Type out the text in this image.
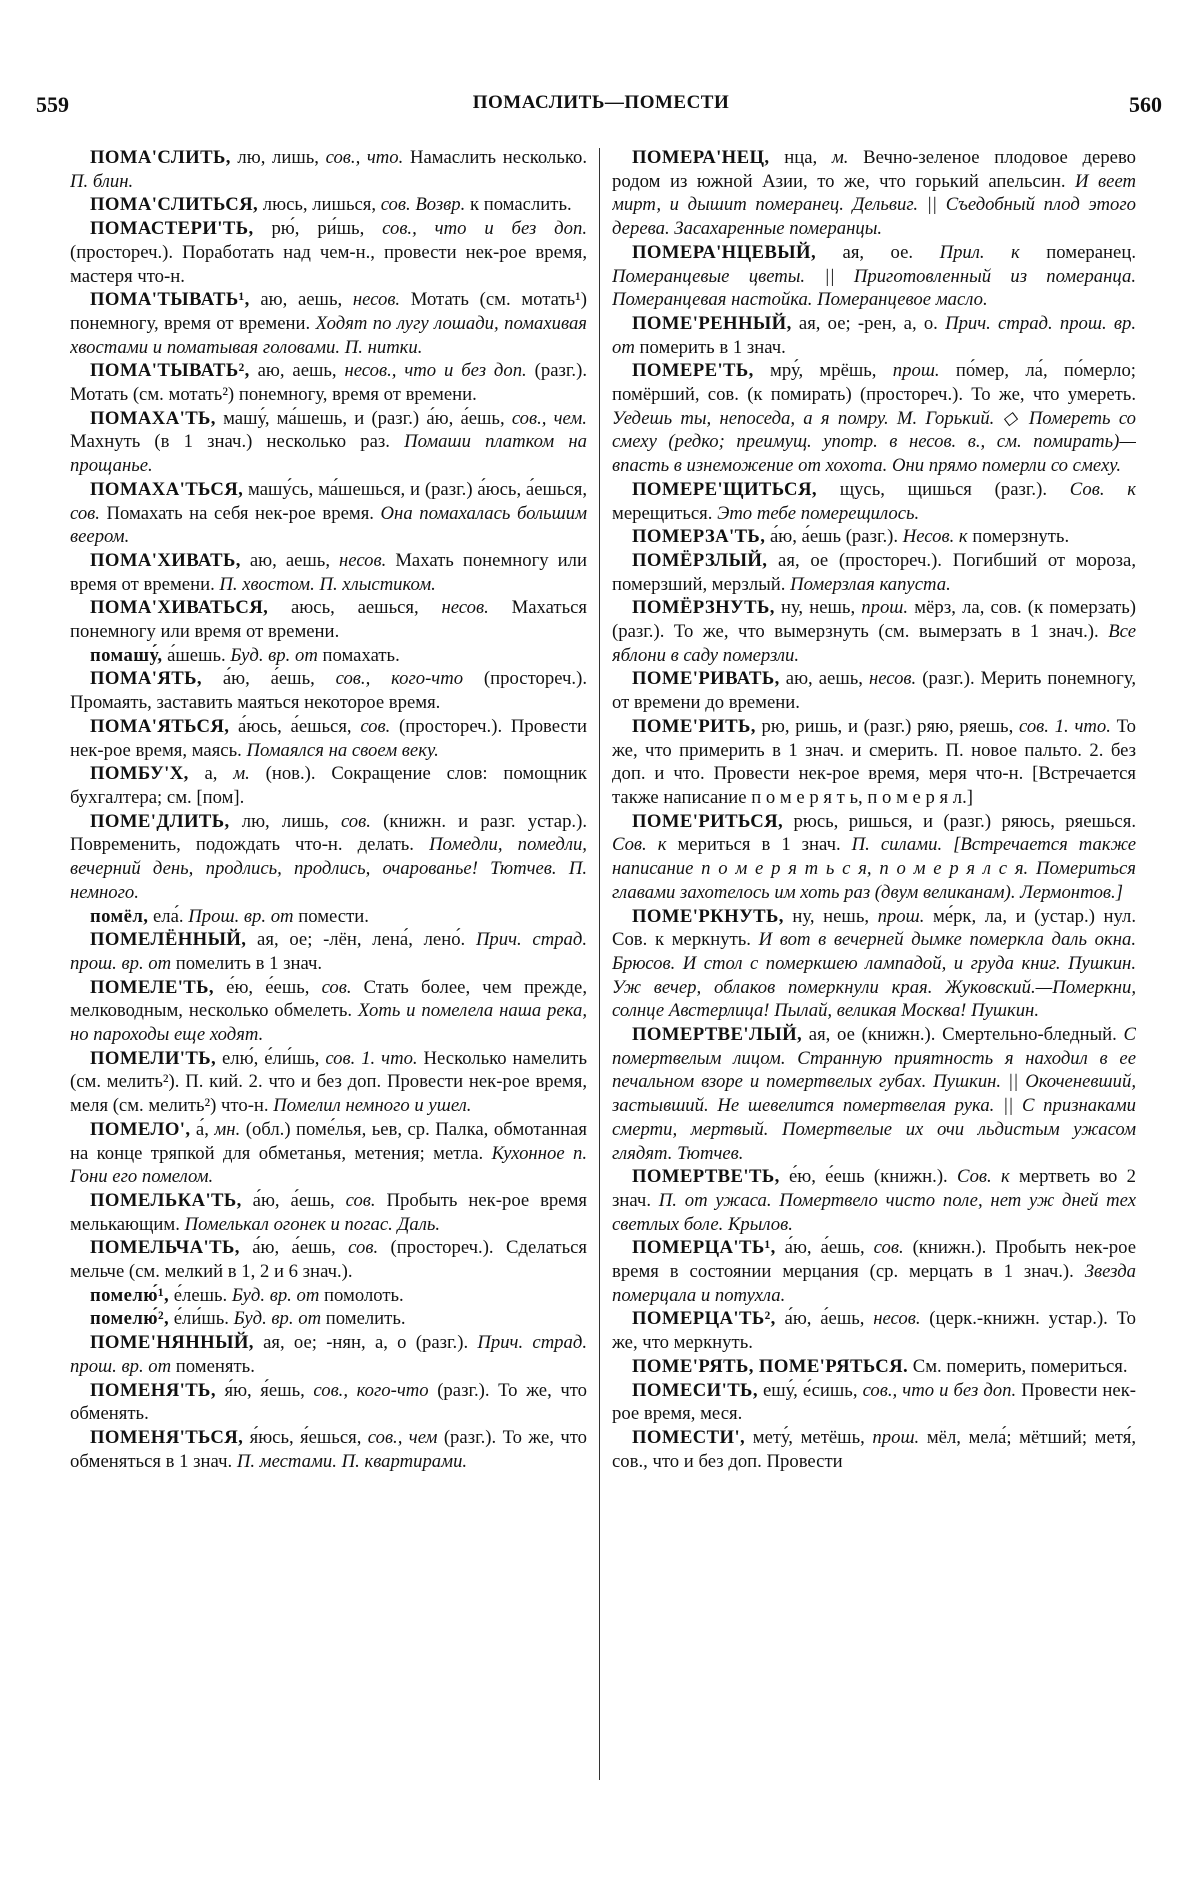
559	ПОМАСЛИТЬ—ПОМЕСТИ	560

ПОМА'СЛИТЬ, лю, лишь, сов., что. Намаслить несколько. П. блин.

ПОМА'СЛИТЬСЯ, люсь, лишься, сов. Возвр. к помаслить.

ПОМАСТЕРИ'ТЬ, рю́, ри́шь, сов., что и без доп. (простореч.). Поработать над чем-н., провести нек-рое время, мастеря что-н.

ПОМА'ТЫВАТЬ¹, аю, аешь, несов. Мотать (см. мотать¹) понемногу, время от времени. Ходят по лугу лошади, помахивая хвостами и поматывая головами. П. нитки.

ПОМА'ТЫВАТЬ², аю, аешь, несов., что и без доп. (разг.). Мотать (см. мотать²) понемногу, время от времени.

ПОМАХА'ТЬ, машу́, ма́шешь, и (разг.) а́ю, а́ешь, сов., чем. Махнуть (в 1 знач.) несколько раз. Помаши платком на прощанье.

ПОМАХА'ТЬСЯ, машу́сь, ма́шешься, и (разг.) а́юсь, а́ешься, сов. Помахать на себя нек-рое время. Она помахалась большим веером.

ПОМА'ХИВАТЬ, аю, аешь, несов. Махать понемногу или время от времени. П. хвостом. П. хлыстиком.

ПОМА'ХИВАТЬСЯ, аюсь, аешься, несов. Махаться понемногу или время от времени.

помашу́, а́шешь. Буд. вр. от помахать.

ПОМА'ЯТЬ, а́ю, а́ешь, сов., кого-что (простореч.). Промаять, заставить маяться некоторое время.

ПОМА'ЯТЬСЯ, а́юсь, а́ешься, сов. (простореч.). Провести нек-рое время, маясь. Помаялся на своем веку.

ПОМБУ'Х, а, м. (нов.). Сокращение слов: помощник бухгалтера; см. [пом].

ПОМЕ'ДЛИТЬ, лю, лишь, сов. (книжн. и разг. устар.). Повременить, подождать что-н. делать. Помедли, помедли, вечерний день, продлись, продлись, очарованье! Тютчев. П. немного.

помёл, ела́. Прош. вр. от помести.

ПОМЕЛЁННЫЙ, ая, ое; -лён, лена́, лено́. Прич. страд. прош. вр. от помелить в 1 знач.

ПОМЕЛЕ'ТЬ, е́ю, е́ешь, сов. Стать более, чем прежде, мелководным, несколько обмелеть. Хоть и помелела наша река, но пароходы еще ходят.

ПОМЕЛИ'ТЬ, елю́, е́ли́шь, сов. 1. что. Несколько намелить (см. мелить²). П. кий. 2. что и без доп. Провести нек-рое время, меля (см. мелить²) что-н. Помелил немного и ушел.

ПОМЕЛО', а́, мн. (обл.) поме́лья, ьев, ср. Палка, обмотанная на конце тряпкой для обметанья, метения; метла. Кухонное п. Гони его помелом.

ПОМЕЛЬКА'ТЬ, а́ю, а́ешь, сов. Пробыть нек-рое время мелькающим. Помелькал огонек и погас. Даль.

ПОМЕЛЬЧА'ТЬ, а́ю, а́ешь, сов. (простореч.). Сделаться мельче (см. мелкий в 1, 2 и 6 знач.).

помелю́¹, е́лешь. Буд. вр. от помолоть.

помелю́², е́ли́шь. Буд. вр. от помелить.

ПОМЕ'НЯННЫЙ, ая, ое; -нян, а, о (разг.). Прич. страд. прош. вр. от поменять.

ПОМЕНЯ'ТЬ, я́ю, я́ешь, сов., кого-что (разг.). То же, что обменять.

ПОМЕНЯ'ТЬСЯ, я́юсь, я́ешься, сов., чем (разг.). То же, что обменяться в 1 знач. П. местами. П. квартирами.

ПОМЕРА'НЕЦ, нца, м. Вечно-зеленое плодовое дерево родом из южной Азии, то же, что горький апельсин. И веет мирт, и дышит померанец. Дельвиг. || Съедобный плод этого дерева. Засахаренные померанцы.

ПОМЕРА'НЦЕВЫЙ, ая, ое. Прил. к померанец. Померанцевые цветы. || Приготовленный из померанца. Померанцевая настойка. Померанцевое масло.

ПОМЕ'РЕННЫЙ, ая, ое; -рен, а, о. Прич. страд. прош. вр. от померить в 1 знач.

ПОМЕРЕ'ТЬ, мру́, мрёшь, прош. по́мер, ла́, по́мерло; помёрший, сов. (к помирать) (простореч.). То же, что умереть. Уедешь ты, непоседа, а я помру. М. Горький. ◇ Помереть со смеху (редко; преимущ. употр. в несов. в., см. помирать)—впасть в изнеможение от хохота. Они прямо померли со смеху.

ПОМЕРЕ'ЩИТЬСЯ, щусь, щишься (разг.). Сов. к мерещиться. Это тебе померещилось.

ПОМЕРЗА'ТЬ, а́ю, а́ешь (разг.). Несов. к померзнуть.

ПОМЁРЗЛЫЙ, ая, ое (простореч.). Погибший от мороза, померзший, мерзлый. Померзлая капуста.

ПОМЁРЗНУТЬ, ну, нешь, прош. мёрз, ла, сов. (к померзать) (разг.). То же, что вымерзнуть (см. вымерзать в 1 знач.). Все яблони в саду померзли.

ПОМЕ'РИВАТЬ, аю, аешь, несов. (разг.). Мерить понемногу, от времени до времени.

ПОМЕ'РИТЬ, рю, ришь, и (разг.) ряю, ряешь, сов. 1. что. То же, что примерить в 1 знач. и смерить. П. новое пальто. 2. без доп. и что. Провести нек-рое время, меря что-н. [Встречается также написание п о м е р я т ь, п о м е р я л.]

ПОМЕ'РИТЬСЯ, рюсь, ришься, и (разг.) ряюсь, ряешься. Сов. к мериться в 1 знач. П. силами. [Встречается также написание п о м е р я т ь с я, п о м е р я л с я. Помериться главами захотелось им хоть раз (двум великанам). Лермонтов.]

ПОМЕ'РКНУТЬ, ну, нешь, прош. ме́рк, ла, и (устар.) нул. Сов. к меркнуть. И вот в вечерней дымке померкла даль окна. Брюсов. И стол с померкшею лампадой, и груда книг. Пушкин. Уж вечер, облаков померкнули края. Жуковский.—Померкни, солнце Австерлица! Пылай, великая Москва! Пушкин.

ПОМЕРТВЕ'ЛЫЙ, ая, ое (книжн.). Смертельно-бледный. С помертвелым лицом. Странную приятность я находил в ее печальном взоре и помертвелых губах. Пушкин. || Окоченевший, застывший. Не шевелится помертвелая рука. || С признаками смерти, мертвый. Помертвелые их очи льдистым ужасом глядят. Тютчев.

ПОМЕРТВЕ'ТЬ, е́ю, е́ешь (книжн.). Сов. к мертветь во 2 знач. П. от ужаса. Помертвело чисто поле, нет уж дней тех светлых боле. Крылов.

ПОМЕРЦА'ТЬ¹, а́ю, а́ешь, сов. (книжн.). Пробыть нек-рое время в состоянии мерцания (ср. мерцать в 1 знач.). Звезда померцала и потухла.

ПОМЕРЦА'ТЬ², а́ю, а́ешь, несов. (церк.-книжн. устар.). То же, что меркнуть.

ПОМЕ'РЯТЬ, ПОМЕ'РЯТЬСЯ. См. померить, помериться.

ПОМЕСИ'ТЬ, ешу́, е́сишь, сов., что и без доп. Провести нек-рое время, меся.

ПОМЕСТИ', мету́, метёшь, прош. мёл, мела́; мётший; метя́, сов., что и без доп. Провести
